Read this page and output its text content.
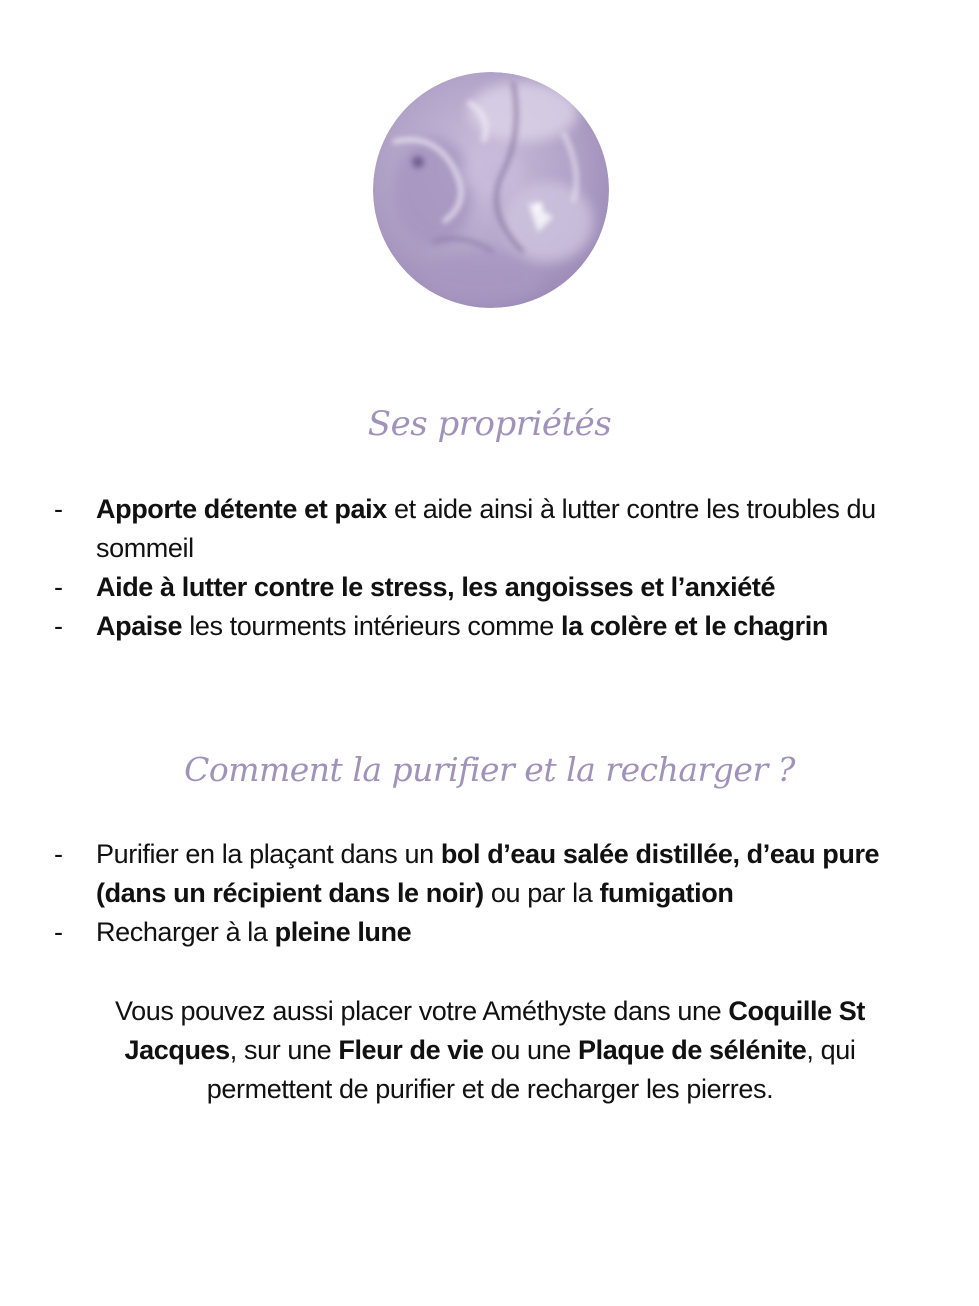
Ses propriétés
- Apporte détente et paix et aide ainsi à lutter contre les troubles du sommeil
- Aide à lutter contre le stress, les angoisses et l’anxiété
- Apaise les tourments intérieurs comme la colère et le chagrin
Comment la purifier et la recharger ?
- Purifier en la plaçant dans un bol d’eau salée distillée, d’eau pure (dans un récipient dans le noir) ou par la fumigation
- Recharger à la pleine lune

Vous pouvez aussi placer votre Améthyste dans une Coquille St Jacques, sur une Fleur de vie ou une Plaque de sélénite, qui permettent de purifier et de recharger les pierres.
